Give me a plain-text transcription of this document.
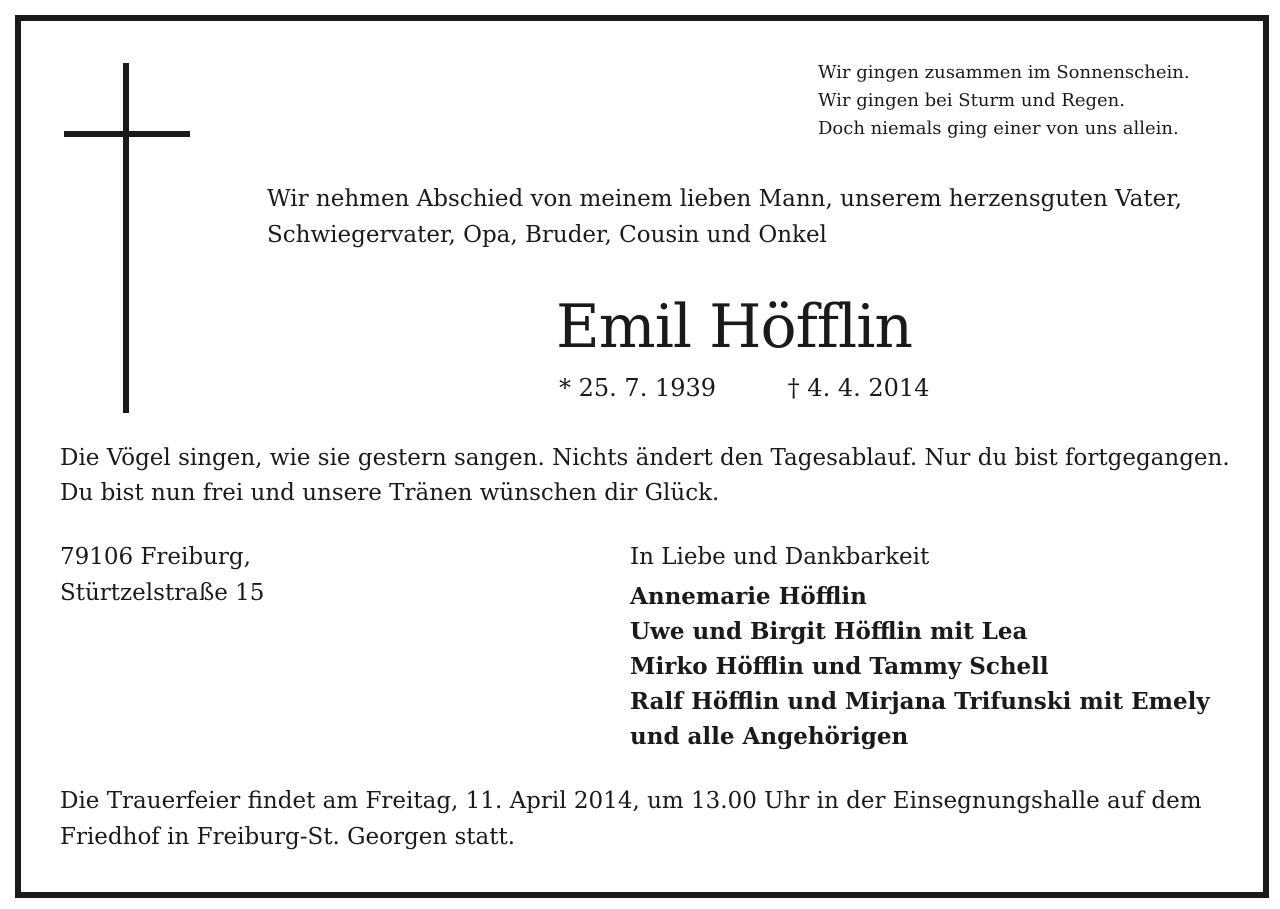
Wir gingen zusammen im Sonnenschein.
Wir gingen bei Sturm und Regen.
Doch niemals ging einer von uns allein.
Wir nehmen Abschied von meinem lieben Mann, unserem herzensguten Vater,
Schwiegervater, Opa, Bruder, Cousin und Onkel
Emil Höfflin
* 25. 7. 1939	† 4. 4. 2014
Die Vögel singen, wie sie gestern sangen. Nichts ändert den Tagesablauf. Nur du bist fortgegangen.
Du bist nun frei und unsere Tränen wünschen dir Glück.
79106 Freiburg,
Stürtzelstraße 15
In Liebe und Dankbarkeit
Annemarie Höfflin
Uwe und Birgit Höfflin mit Lea
Mirko Höfflin und Tammy Schell
Ralf Höfflin und Mirjana Trifunski mit Emely
und alle Angehörigen
Die Trauerfeier findet am Freitag, 11. April 2014, um 13.00 Uhr in der Einsegnungshalle auf dem
Friedhof in Freiburg-St. Georgen statt.
